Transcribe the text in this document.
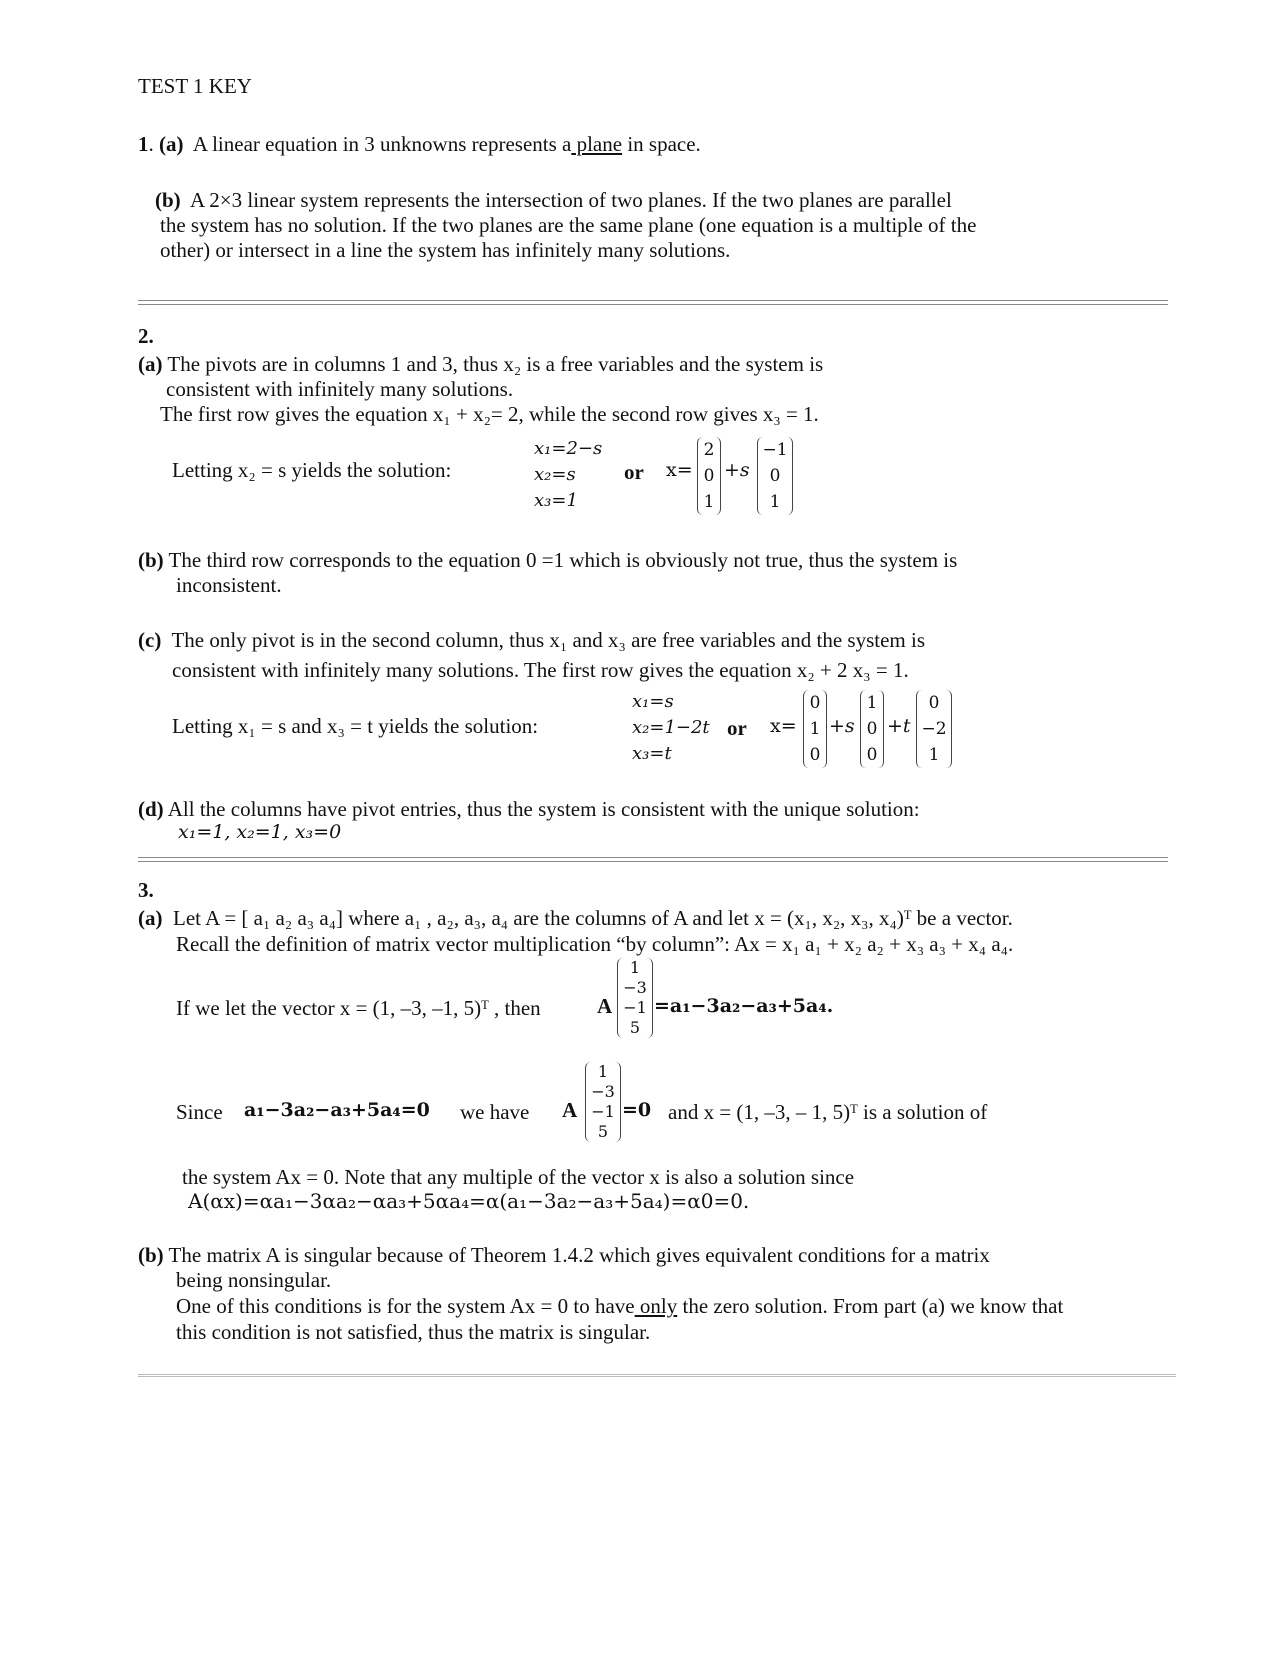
TEST 1 KEY
1. (a) A linear equation in 3 unknowns represents a plane in space.
(b) A 2×3 linear system represents the intersection of two planes. If the two planes are parallel
the system has no solution. If the two planes are the same plane (one equation is a multiple of the
other) or intersect in a line the system has infinitely many solutions.
2.
(a) The pivots are in columns 1 and 3, thus x₂ is a free variables and the system is
consistent with infinitely many solutions.
The first row gives the equation x₁ + x₂= 2, while the second row gives x₃ = 1.
Letting x₂ = s yields the solution:
x₁=2−s
x₂=s
x₃=1
or x=
2
0
1
+s
−1
0
1
(b) The third row corresponds to the equation 0 =1 which is obviously not true, thus the system is
inconsistent.
(c) The only pivot is in the second column, thus x₁ and x₃ are free variables and the system is
consistent with infinitely many solutions. The first row gives the equation x₂ + 2 x₃ = 1.
Letting x₁ = s and x₃ = t yields the solution:
x₁=s
x₂=1−2t
x₃=t
or x=
0
1
0
+s
1
0
0
+t
0
−2
1
(d) All the columns have pivot entries, thus the system is consistent with the unique solution:
x₁=1, x₂=1, x₃=0
3.
(a) Let A = [ a₁ a₂ a₃ a₄] where a₁ , a₂, a₃, a₄ are the columns of A and let x = (x₁, x₂, x₃, x₄)ᵀ be a vector.
Recall the definition of matrix vector multiplication “by column”: Ax = x₁ a₁ + x₂ a₂ + x₃ a₃ + x₄ a₄.
If we let the vector x = (1, –3, –1, 5)ᵀ , then	A
1
−3
−1
5
=a₁−3a₂−a₃+5a₄.
Since a₁−3a₂−a₃+5a₄=0 we have A
1
−3
−1
5
=0 and x = (1, –3, – 1, 5)ᵀ is a solution of
the system Ax = 0. Note that any multiple of the vector x is also a solution since
A(αx)=αa₁−3αa₂−αa₃+5αa₄=α(a₁−3a₂−a₃+5a₄)=α0=0.
(b) The matrix A is singular because of Theorem 1.4.2 which gives equivalent conditions for a matrix
being nonsingular.
One of this conditions is for the system Ax = 0 to have only the zero solution. From part (a) we know that
this condition is not satisfied, thus the matrix is singular.
